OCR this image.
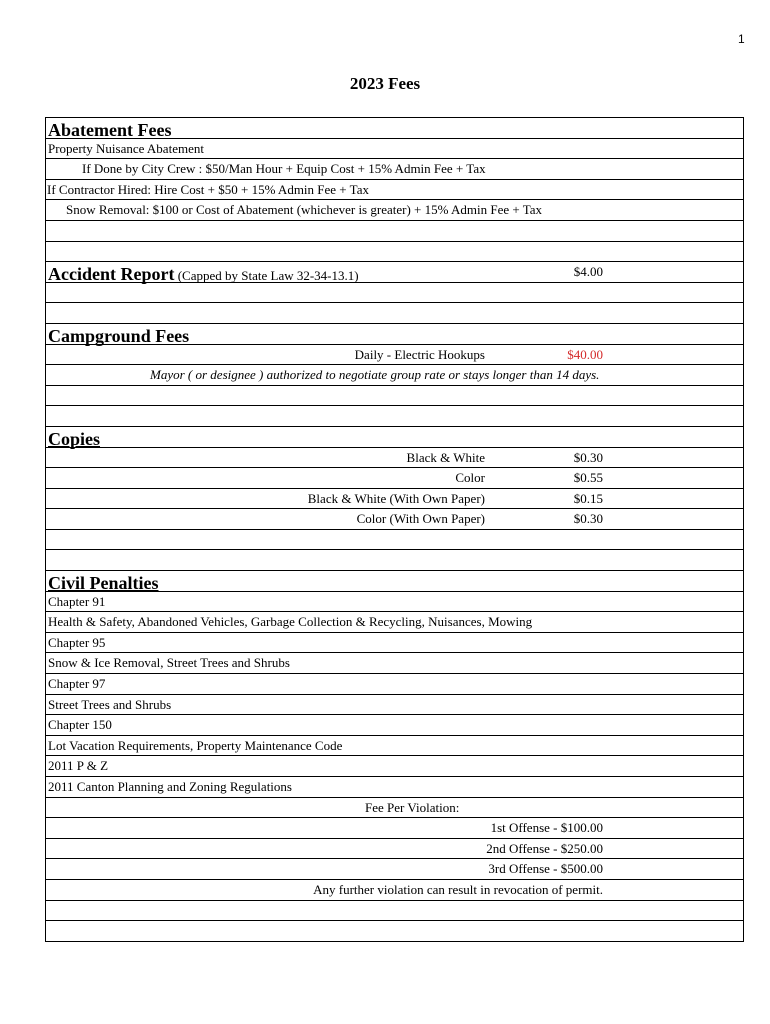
1
2023 Fees
Abatement Fees
Property Nuisance Abatement
If Done by City Crew : $50/Man Hour + Equip Cost + 15% Admin Fee + Tax
If Contractor Hired: Hire Cost + $50 + 15% Admin Fee + Tax
Snow Removal: $100 or Cost of Abatement (whichever is greater) + 15% Admin Fee + Tax
Accident Report (Capped by State Law 32-34-13.1)	$4.00
Campground Fees
Daily - Electric Hookups	$40.00
Mayor ( or designee ) authorized to negotiate group rate or stays longer than 14 days.
Copies
Black & White	$0.30
Color	$0.55
Black & White (With Own Paper)	$0.15
Color (With Own Paper)	$0.30
Civil Penalties
Chapter 91
Health & Safety, Abandoned Vehicles, Garbage Collection & Recycling, Nuisances, Mowing
Chapter 95
Snow & Ice Removal, Street Trees and Shrubs
Chapter 97
Street Trees and Shrubs
Chapter 150
Lot Vacation Requirements, Property Maintenance Code
2011 P & Z
2011 Canton Planning and Zoning Regulations
Fee Per Violation:
1st Offense - $100.00
2nd Offense - $250.00
3rd Offense - $500.00
Any further violation can result in revocation of permit.
